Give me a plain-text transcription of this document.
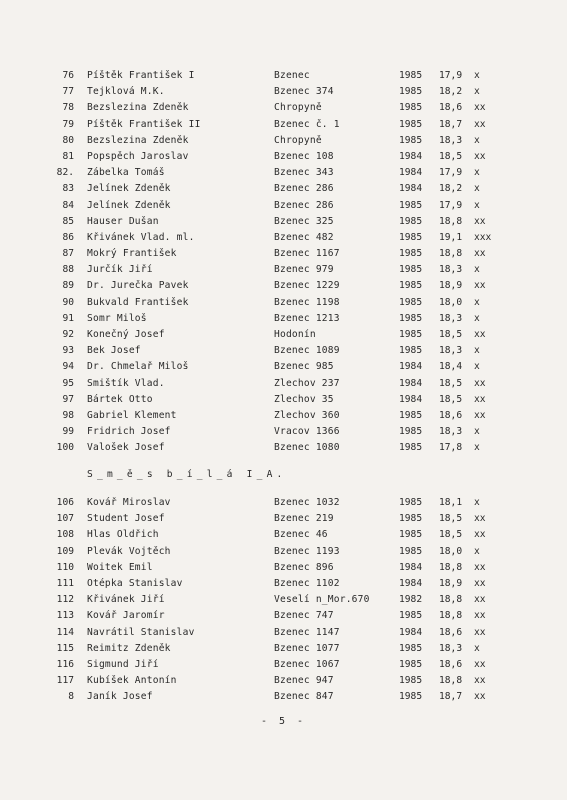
76 Píštěk František I	Bzenec	1985 17,9 x
77 Tejklová M.K.	Bzenec 374	1985 18,2 x
78 Bezslezina Zdeněk	Chropyně	1985 18,6 xx
79 Píštěk František II	Bzenec č. 1	1985 18,7 xx
80 Bezslezina Zdeněk	Chropyně	1985 18,3 x
81 Popspěch Jaroslav	Bzenec 108	1984 18,5 xx
82. Zábelka Tomáš	Bzenec 343	1984 17,9 x
83 Jelínek Zdeněk	Bzenec 286	1984 18,2 x
84 Jelínek Zdeněk	Bzenec 286	1985 17,9 x
85 Hauser Dušan	Bzenec 325	1985 18,8 xx
86 Křivánek Vlad. ml.	Bzenec 482	1985 19,1 xxx
87 Mokrý František	Bzenec 1167	1985 18,8 xx
88 Jurčík Jiří	Bzenec 979	1985 18,3 x
89 Dr. Jurečka Pavek	Bzenec 1229	1985 18,9 xx
90 Bukvald František	Bzenec 1198	1985 18,0 x
91 Somr Miloš	Bzenec 1213	1985 18,3 x
92 Konečný Josef	Hodonín	1985 18,5 xx
93 Bek Josef	Bzenec 1089	1985 18,3 x
94 Dr. Chmelař Miloš	Bzenec 985	1984 18,4 x
95 Smištík Vlad.	Zlechov 237	1984 18,5 xx
97 Bártek Otto	Zlechov 35	1984 18,5 xx
98 Gabriel Klement	Zlechov 360	1985 18,6 xx
99 Fridrich Josef	Vracov 1366	1985 18,3 x
100 Valošek Josef	Bzenec 1080	1985 17,8 x
S_m_ě_s b_í_l_á I_A.
106 Kovář Miroslav	Bzenec 1032	1985 18,1 x
107 Student Josef	Bzenec 219	1985 18,5 xx
108 Hlas Oldřich	Bzenec 46	1985 18,5 xx
109 Plevák Vojtěch	Bzenec 1193	1985 18,0 x
110 Woitek Emil	Bzenec 896	1984 18,8 xx
111 Otépka Stanislav	Bzenec 1102	1984 18,9 xx
112 Křivánek Jiří	Veselí n_Mor.670	1982 18,8 xx
113 Kovář Jaromír	Bzenec 747	1985 18,8 xx
114 Navrátil Stanislav	Bzenec 1147	1984 18,6 xx
115 Reimitz Zdeněk	Bzenec 1077	1985 18,3 x
116 Sigmund Jiří	Bzenec 1067	1985 18,6 xx
117 Kubíšek Antonín	Bzenec 947	1985 18,8 xx
8 Janík Josef	Bzenec 847	1985 18,7 xx
- 5 -
